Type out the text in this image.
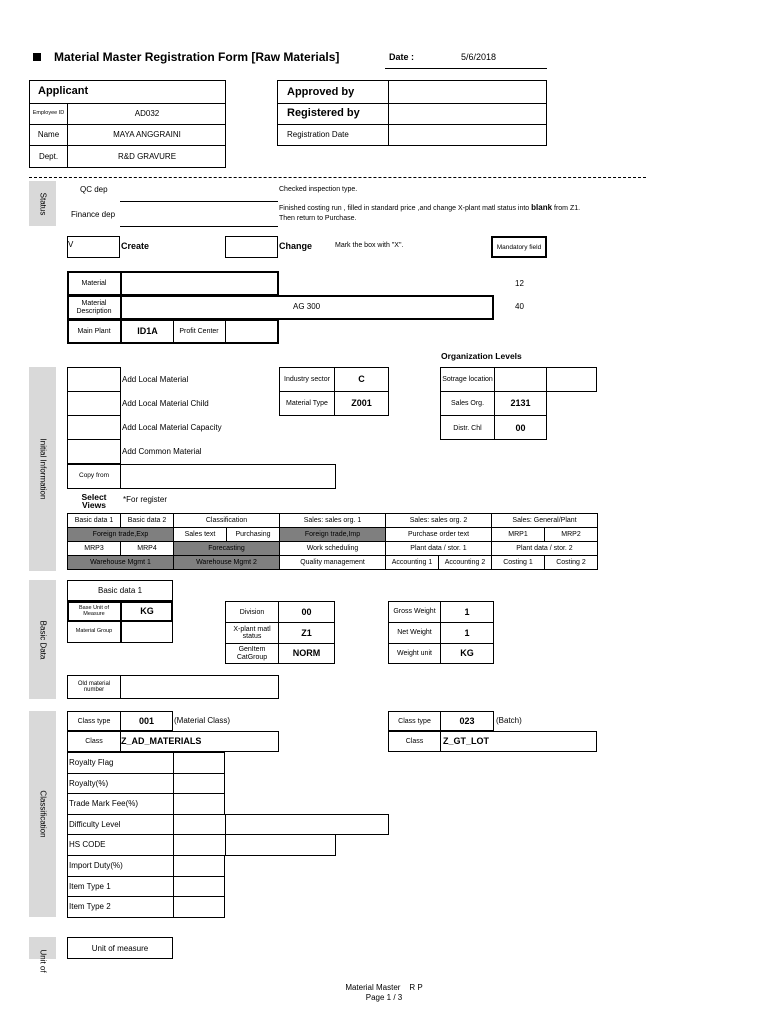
Material Master Registration Form [Raw Materials]	Date :	5/6/2018
Applicant
Employee ID	AD032
Name	MAYA ANGGRAINI
Dept.	R&D GRAVURE
Approved by
Registered by
Registration Date
Status
QC dep
Finance dep
Checked inspection type.
Finished costing run , filled in standard price ,and change X-plant matl status into blank from Z1.
Then return to Purchase.
V	Create	Change	Mark the box with "X".	Mandatory field
Material	12
Material Description	AG 300	40
Main Plant	ID1A	Profit Center
Organization Levels
Initial Information
Add Local Material
Add Local Material Child
Add Local Material Capacity
Add Common Material
Copy from
Industry sector	C
Material Type	Z001
Sotrage location
Sales Org.	2131
Distr. Chl	00
Select Views
*For register
Basic data 1	Basic data 2	Classification		Sales: sales org. 1	Sales: sales org. 2		Sales: General/Plant	
Foreign trade,Exp		Sales text	Purchasing	Foreign trade,Imp	Purchase order text		MRP1	MRP2
MRP3	MRP4	Forecasting		Work scheduling	Plant data / stor. 1		Plant data / stor. 2	
Warehouse Mgmt 1		Warehouse Mgmt 2		Quality management	Accounting 1	Accounting 2	Costing 1	Costing 2
Basic Data
Basic data 1
Base Unit of Measure	KG
Material Group
Division	00
X-plant matl status	Z1
GenItem CatGroup	NORM
Gross Weight	1
Net Weight	1
Weight unit	KG
Old material number
Classification
Class type	001	(Material Class)
Class	Z_AD_MATERIALS
Class type	023	(Batch)
Class	Z_GT_LOT
Royalty Flag
Royalty(%)
Trade Mark Fee(%)
Difficulty Level
HS CODE
Import Duty(%)
Item Type 1
Item Type 2
Unit of
Unit of measure
Material Master    R P
Page 1 / 3
